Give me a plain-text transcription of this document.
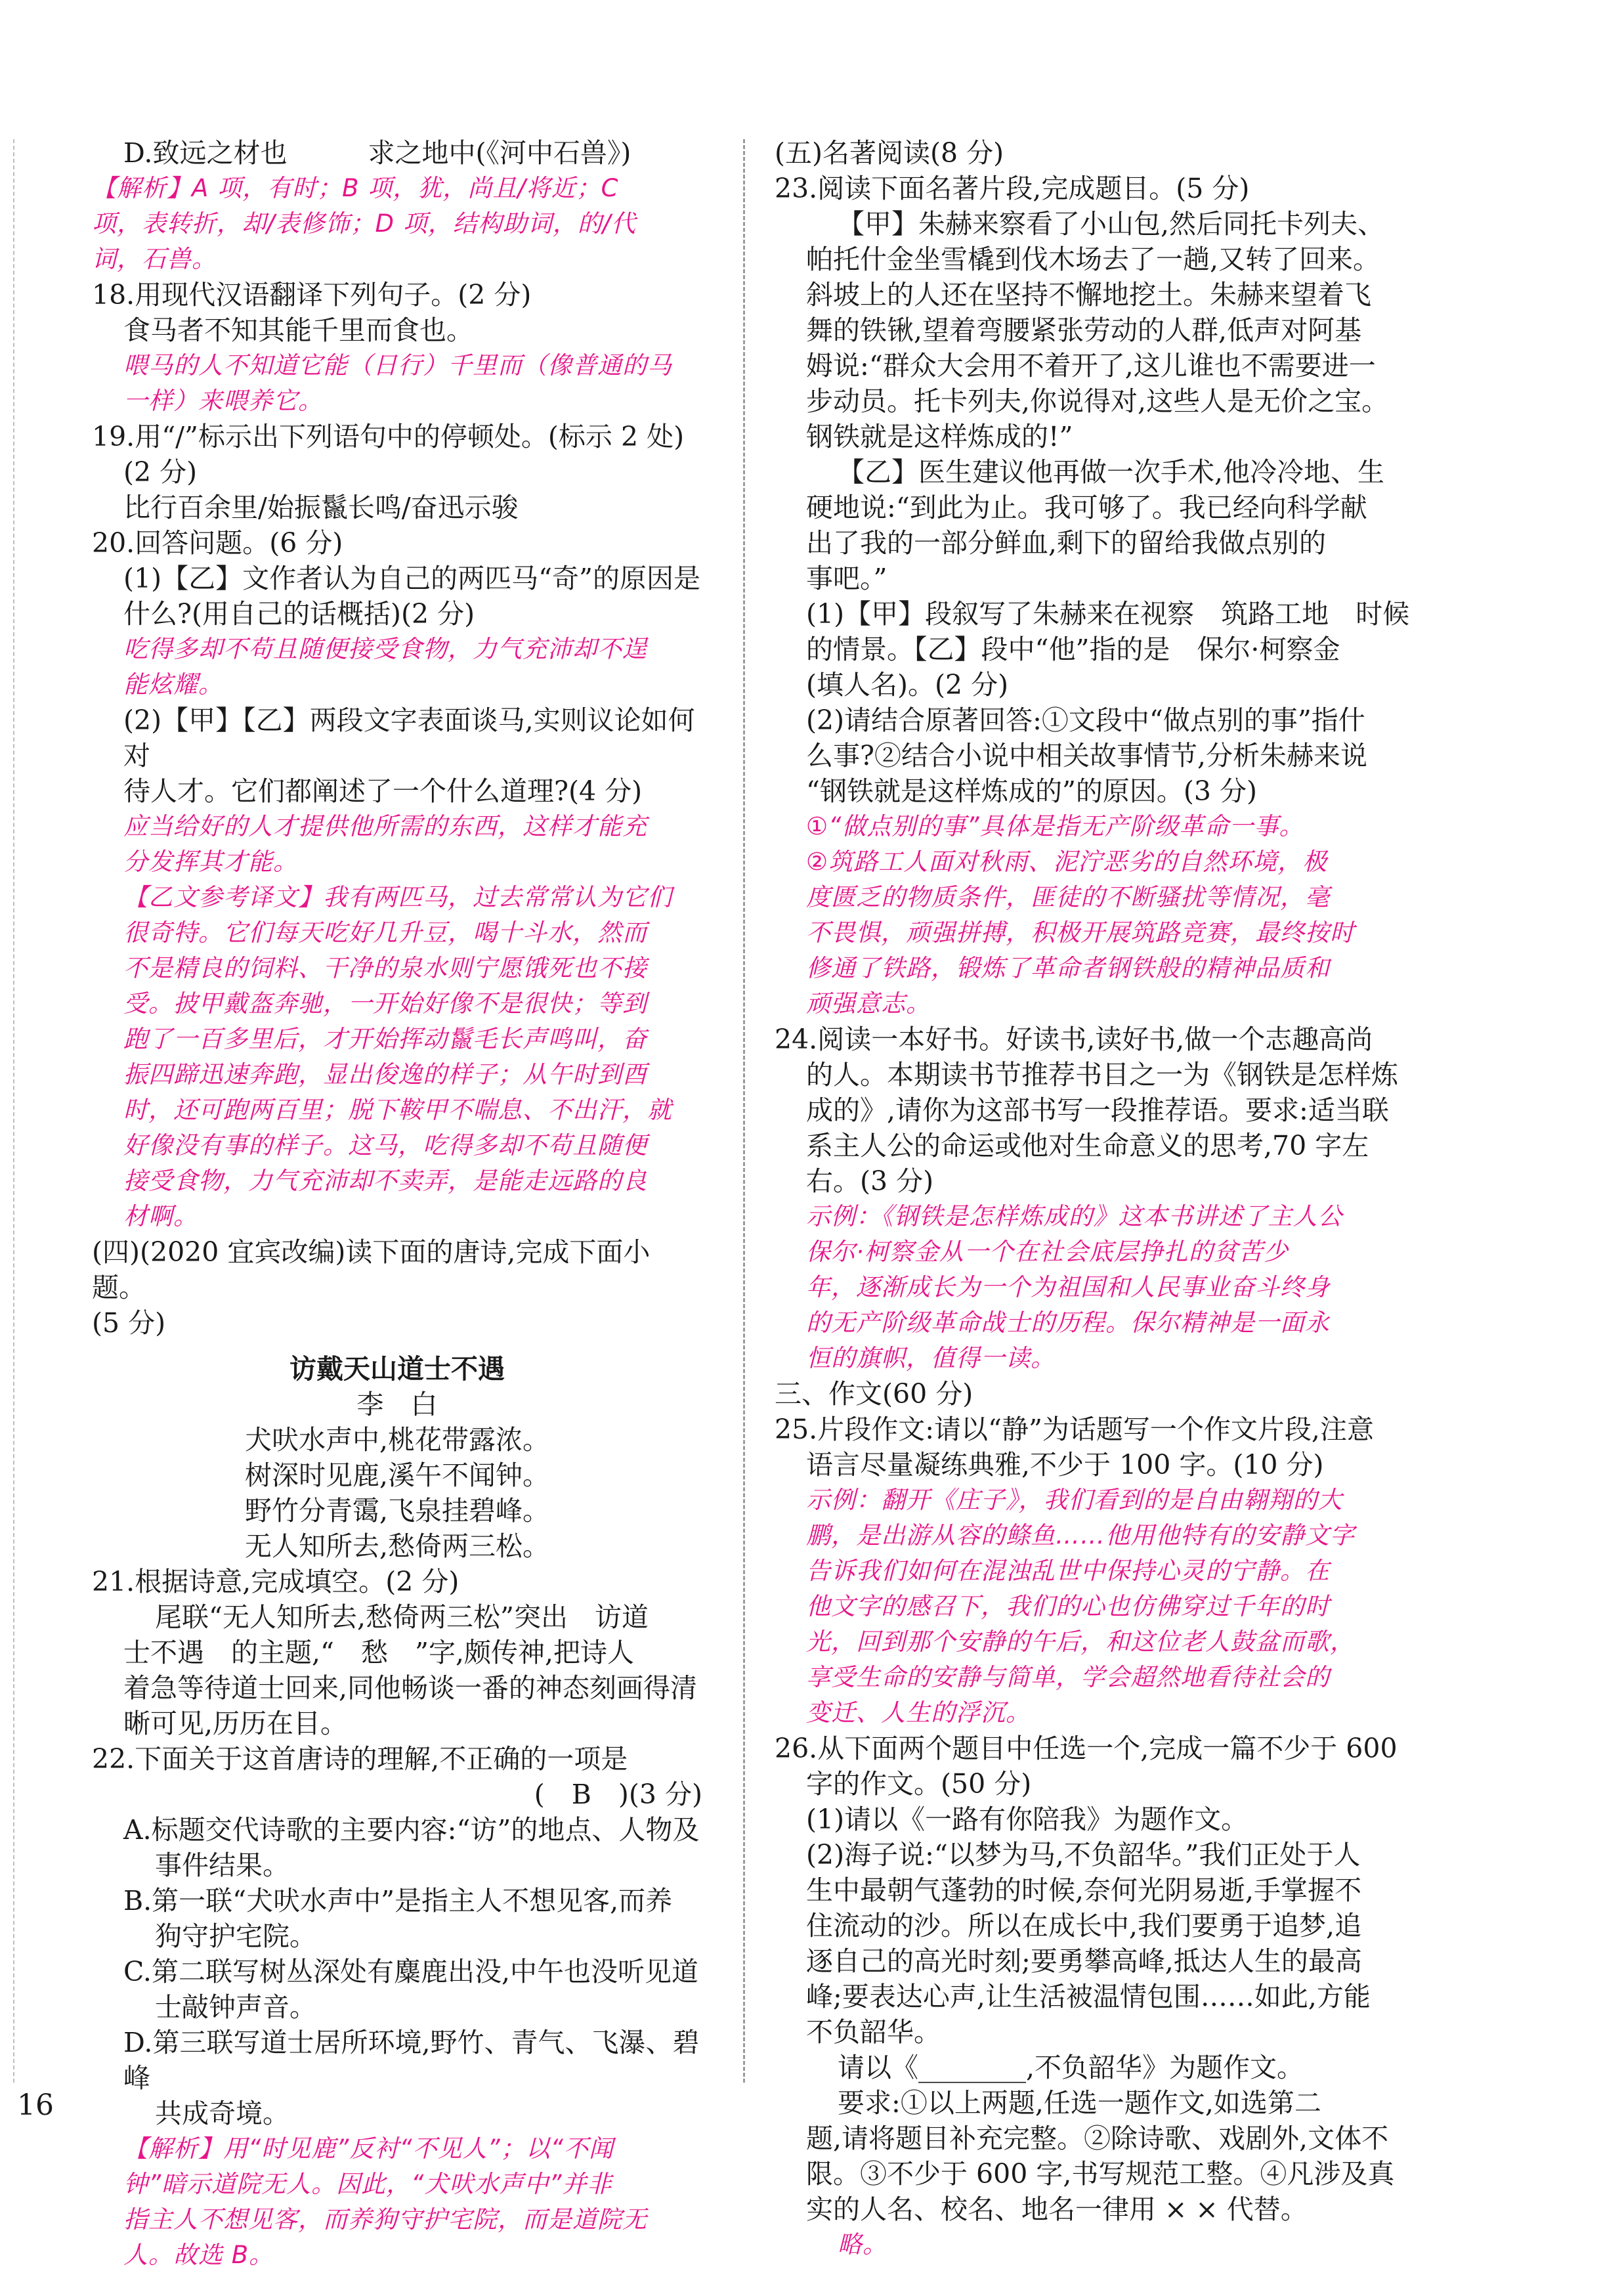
D.致远之材也　　　求之地中(《河中石兽》)

【解析】A 项，有时；B 项，犹，尚且/将近；C

项，表转折，却/表修饰；D 项，结构助词，的/代

词，石兽。

18.用现代汉语翻译下列句子。(2 分)

食马者不知其能千里而食也。

喂马的人不知道它能（日行）千里而（像普通的马

一样）来喂养它。

19.用“/”标示出下列语句中的停顿处。(标示 2 处)

(2 分)

比行百余里/始振鬣长鸣/奋迅示骏

20.回答问题。(6 分)

(1)【乙】文作者认为自己的两匹马“奇”的原因是

什么?(用自己的话概括)(2 分)

吃得多却不苟且随便接受食物，力气充沛却不逞

能炫耀。

(2)【甲】【乙】两段文字表面谈马,实则议论如何对

待人才。它们都阐述了一个什么道理?(4 分)

应当给好的人才提供他所需的东西，这样才能充

分发挥其才能。

【乙文参考译文】我有两匹马，过去常常认为它们

很奇特。它们每天吃好几升豆，喝十斗水，然而

不是精良的饲料、干净的泉水则宁愿饿死也不接

受。披甲戴盔奔驰，一开始好像不是很快；等到

跑了一百多里后，才开始挥动鬣毛长声鸣叫，奋

振四蹄迅速奔跑，显出俊逸的样子；从午时到酉

时，还可跑两百里；脱下鞍甲不喘息、不出汗，就

好像没有事的样子。这马，吃得多却不苟且随便

接受食物，力气充沛却不卖弄，是能走远路的良

材啊。

(四)(2020 宜宾改编)读下面的唐诗,完成下面小题。

(5 分)

访戴天山道士不遇

李　白

犬吠水声中,桃花带露浓。

树深时见鹿,溪午不闻钟。

野竹分青霭,飞泉挂碧峰。

无人知所去,愁倚两三松。

21.根据诗意,完成填空。(2 分)

尾联“无人知所去,愁倚两三松”突出　访道

士不遇　的主题,“　愁　”字,颇传神,把诗人

着急等待道士回来,同他畅谈一番的神态刻画得清

晰可见,历历在目。

22.下面关于这首唐诗的理解,不正确的一项是

(　B　)(3 分)

A.标题交代诗歌的主要内容:“访”的地点、人物及

事件结果。

B.第一联“犬吠水声中”是指主人不想见客,而养

狗守护宅院。

C.第二联写树丛深处有麋鹿出没,中午也没听见道

士敲钟声音。

D.第三联写道士居所环境,野竹、青气、飞瀑、碧峰

共成奇境。

【解析】用“时见鹿”反衬“不见人”；以“不闻

钟”暗示道院无人。因此，“犬吠水声中”并非

指主人不想见客，而养狗守护宅院，而是道院无

人。故选 B。

(五)名著阅读(8 分)

23.阅读下面名著片段,完成题目。(5 分)

【甲】朱赫来察看了小山包,然后同托卡列夫、

帕托什金坐雪橇到伐木场去了一趟,又转了回来。

斜坡上的人还在坚持不懈地挖土。朱赫来望着飞

舞的铁锹,望着弯腰紧张劳动的人群,低声对阿基

姆说:“群众大会用不着开了,这儿谁也不需要进一

步动员。托卡列夫,你说得对,这些人是无价之宝。

钢铁就是这样炼成的!”

【乙】医生建议他再做一次手术,他冷冷地、生

硬地说:“到此为止。我可够了。我已经向科学献

出了我的一部分鲜血,剩下的留给我做点别的

事吧。”

(1)【甲】段叙写了朱赫来在视察　筑路工地　时候

的情景。【乙】段中“他”指的是　保尔·柯察金

(填人名)。(2 分)

(2)请结合原著回答:①文段中“做点别的事”指什

么事?②结合小说中相关故事情节,分析朱赫来说

“钢铁就是这样炼成的”的原因。(3 分)

①“做点别的事”具体是指无产阶级革命一事。

②筑路工人面对秋雨、泥泞恶劣的自然环境，极

度匮乏的物质条件，匪徒的不断骚扰等情况，毫

不畏惧，顽强拼搏，积极开展筑路竞赛，最终按时

修通了铁路，锻炼了革命者钢铁般的精神品质和

顽强意志。

24.阅读一本好书。好读书,读好书,做一个志趣高尚

的人。本期读书节推荐书目之一为《钢铁是怎样炼

成的》,请你为这部书写一段推荐语。要求:适当联

系主人公的命运或他对生命意义的思考,70 字左

右。(3 分)

示例：《钢铁是怎样炼成的》这本书讲述了主人公

保尔·柯察金从一个在社会底层挣扎的贫苦少

年，逐渐成长为一个为祖国和人民事业奋斗终身

的无产阶级革命战士的历程。保尔精神是一面永

恒的旗帜，值得一读。

三、作文(60 分)

25.片段作文:请以“静”为话题写一个作文片段,注意

语言尽量凝练典雅,不少于 100 字。(10 分)

示例：翻开《庄子》，我们看到的是自由翱翔的大

鹏，是出游从容的鲦鱼……他用他特有的安静文字

告诉我们如何在混浊乱世中保持心灵的宁静。在

他文字的感召下，我们的心也仿佛穿过千年的时

光，回到那个安静的午后，和这位老人鼓盆而歌，

享受生命的安静与简单，学会超然地看待社会的

变迁、人生的浮沉。

26.从下面两个题目中任选一个,完成一篇不少于 600

字的作文。(50 分)

(1)请以《一路有你陪我》为题作文。

(2)海子说:“以梦为马,不负韶华。”我们正处于人

生中最朝气蓬勃的时候,奈何光阴易逝,手掌握不

住流动的沙。所以在成长中,我们要勇于追梦,追

逐自己的高光时刻;要勇攀高峰,抵达人生的最高

峰;要表达心声,让生活被温情包围……如此,方能

不负韶华。

请以《________,不负韶华》为题作文。

要求:①以上两题,任选一题作文,如选第二

题,请将题目补充完整。②除诗歌、戏剧外,文体不

限。③不少于 600 字,书写规范工整。④凡涉及真

实的人名、校名、地名一律用 × × 代替。

略。

16
